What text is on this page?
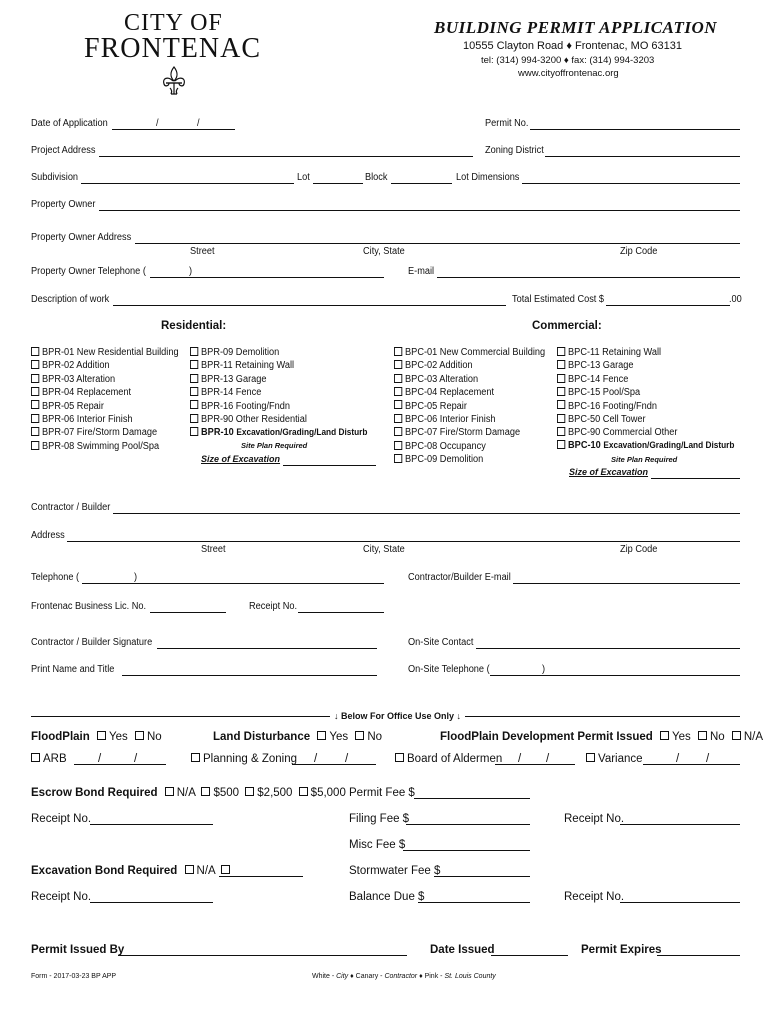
CITY OF
FRONTENAC
BUILDING PERMIT APPLICATION
10555 Clayton Road ♦ Frontenac, MO 63131
tel: (314) 994-3200 ♦ fax: (314) 994-3203
www.cityoffrontenac.org
Date of Application	/	/	Permit No.
Project Address	Zoning District
Subdivision	Lot	Block	Lot Dimensions
Property Owner
Property Owner Address
Street	City, State	Zip Code
Property Owner Telephone (	)	E-mail
Description of work	Total Estimated Cost $	.00
Residential:	Commercial:
BPR-01 New Residential Building
BPR-02 Addition
BPR-03 Alteration
BPR-04 Replacement
BPR-05 Repair
BPR-06 Interior Finish
BPR-07 Fire/Storm Damage
BPR-08 Swimming Pool/Spa
BPR-09 Demolition
BPR-11 Retaining Wall
BPR-13 Garage
BPR-14 Fence
BPR-16 Footing/Fndn
BPR-90 Other Residential
BPR-10 Excavation/Grading/Land Disturb
Site Plan Required
Size of Excavation
BPC-01 New Commercial Building
BPC-02 Addition
BPC-03 Alteration
BPC-04 Replacement
BPC-05 Repair
BPC-06 Interior Finish
BPC-07 Fire/Storm Damage
BPC-08 Occupancy
BPC-09 Demolition
BPC-11 Retaining Wall
BPC-13 Garage
BPC-14 Fence
BPC-15 Pool/Spa
BPC-16 Footing/Fndn
BPC-50 Cell Tower
BPC-90 Commercial Other
BPC-10 Excavation/Grading/Land Disturb
Site Plan Required
Size of Excavation
Contractor / Builder
Address
Street	City, State	Zip Code
Telephone (	)	Contractor/Builder E-mail
Frontenac Business Lic. No.	Receipt No.
Contractor / Builder Signature	On-Site Contact
Print Name and Title	On-Site Telephone (	)
↓ Below For Office Use Only ↓
FloodPlain Yes No	Land Disturbance Yes No	FloodPlain Development Permit Issued Yes No N/A
ARB	/	/	Planning & Zoning / /	Board of Aldermen / /	Variance	/ /
Escrow Bond Required N/A $500 $2,500 $5,000 Permit Fee $
Receipt No.	Filing Fee $	Receipt No.
Misc Fee $
Excavation Bond Required N/A	Stormwater Fee $
Receipt No.	Balance Due $	Receipt No.
Permit Issued By	Date Issued	Permit Expires
Form - 2017-03-23 BP APP	White - City ♦ Canary - Contractor ♦ Pink - St. Louis County
